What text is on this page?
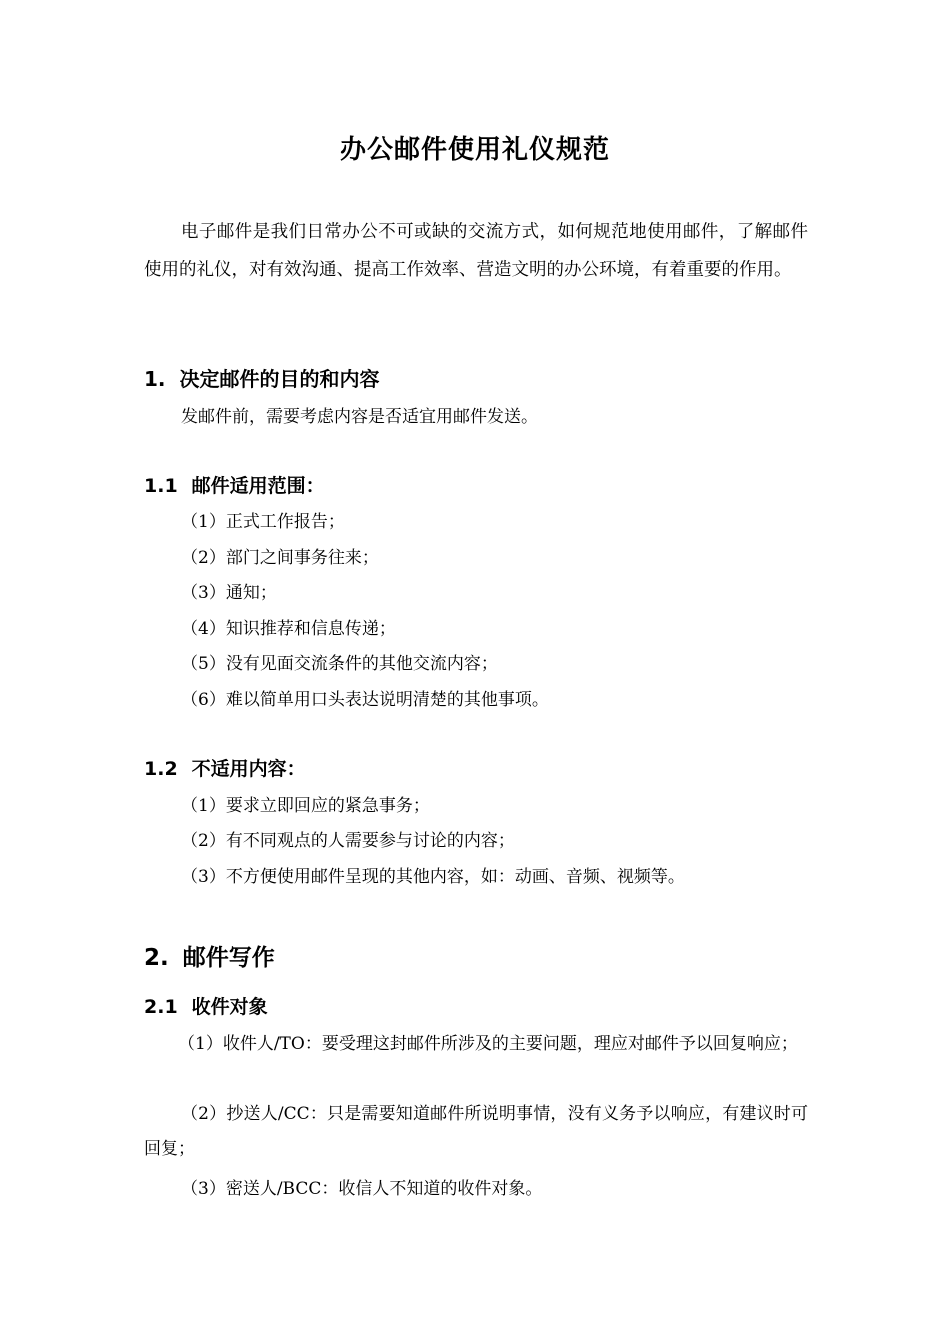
办公邮件使用礼仪规范

电子邮件是我们日常办公不可或缺的交流方式，如何规范地使用邮件，了解邮件使用的礼仪，对有效沟通、提高工作效率、营造文明的办公环境，有着重要的作用。

1. 决定邮件的目的和内容
发邮件前，需要考虑内容是否适宜用邮件发送。
1.1 邮件适用范围：
（1）正式工作报告；
（2）部门之间事务往来；
（3）通知；
（4）知识推荐和信息传递；
（5）没有见面交流条件的其他交流内容；
（6）难以简单用口头表达说明清楚的其他事项。
1.2 不适用内容：
（1）要求立即回应的紧急事务；
（2）有不同观点的人需要参与讨论的内容；
（3）不方便使用邮件呈现的其他内容，如：动画、音频、视频等。
2. 邮件写作
2.1 收件对象

（1）收件人/TO：要受理这封邮件所涉及的主要问题，理应对邮件予以回复响应；

（2）抄送人/CC：只是需要知道邮件所说明事情，没有义务予以响应，有建议时可回复；

（3）密送人/BCC：收信人不知道的收件对象。
